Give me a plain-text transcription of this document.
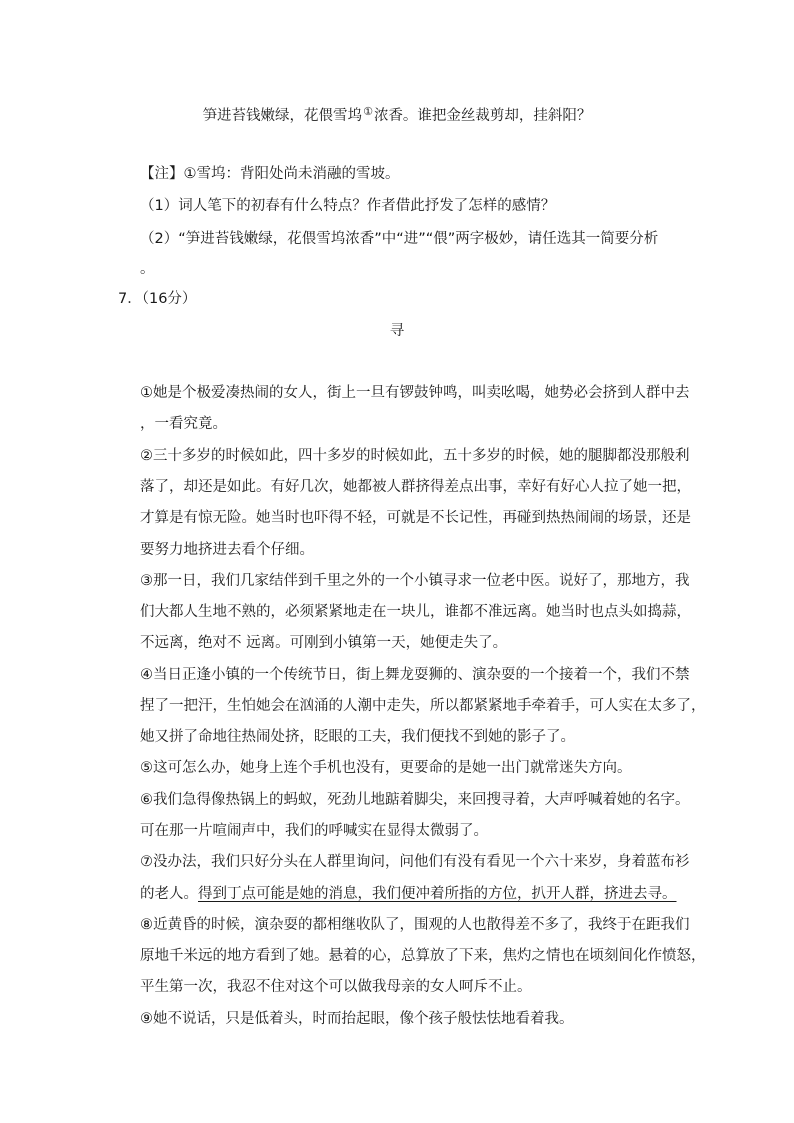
笋进苔钱嫩绿，花偎雪坞①浓香。谁把金丝裁剪却，挂斜阳？
【注】①雪坞：背阳处尚未消融的雪坡。
（1）词人笔下的初春有什么特点？作者借此抒发了怎样的感情？
（2）“笋进苔钱嫩绿，花偎雪坞浓香”中“进”“偎”两字极妙，请任选其一简要分析
。
7．（16分）
寻
①她是个极爱凑热闹的女人，街上一旦有锣鼓钟鸣，叫卖吆喝，她势必会挤到人群中去
，一看究竟。
②三十多岁的时候如此，四十多岁的时候如此，五十多岁的时候，她的腿脚都没那般利
落了，却还是如此。有好几次，她都被人群挤得差点出事，幸好有好心人拉了她一把，
才算是有惊无险。她当时也吓得不轻，可就是不长记性，再碰到热热闹闹的场景，还是
要努力地挤进去看个仔细。
③那一日，我们几家结伴到千里之外的一个小镇寻求一位老中医。说好了，那地方，我
们大都人生地不熟的，必须紧紧地走在一块儿，谁都不准远离。她当时也点头如捣蒜，
不远离，绝对不 远离。可刚到小镇第一天，她便走失了。
④当日正逢小镇的一个传统节日，街上舞龙耍狮的、演杂耍的一个接着一个，我们不禁
捏了一把汗，生怕她会在汹涌的人潮中走失，所以都紧紧地手牵着手，可人实在太多了，
她又拼了命地往热闹处挤，眨眼的工夫，我们便找不到她的影子了。
⑤这可怎么办，她身上连个手机也没有，更要命的是她一出门就常迷失方向。
⑥我们急得像热锅上的蚂蚁，死劲儿地踮着脚尖，来回搜寻着，大声呼喊着她的名字。
可在那一片喧闹声中，我们的呼喊实在显得太微弱了。
⑦没办法，我们只好分头在人群里询问，问他们有没有看见一个六十来岁，身着蓝布衫
的老人。得到丁点可能是她的消息，我们便冲着所指的方位，扒开人群，挤进去寻。
⑧近黄昏的时候，演杂耍的都相继收队了，围观的人也散得差不多了，我终于在距我们
原地千米远的地方看到了她。悬着的心，总算放了下来，焦灼之情也在顷刻间化作愤怒，
平生第一次，我忍不住对这个可以做我母亲的女人呵斥不止。
⑨她不说话，只是低着头，时而抬起眼，像个孩子般怯怯地看着我。
